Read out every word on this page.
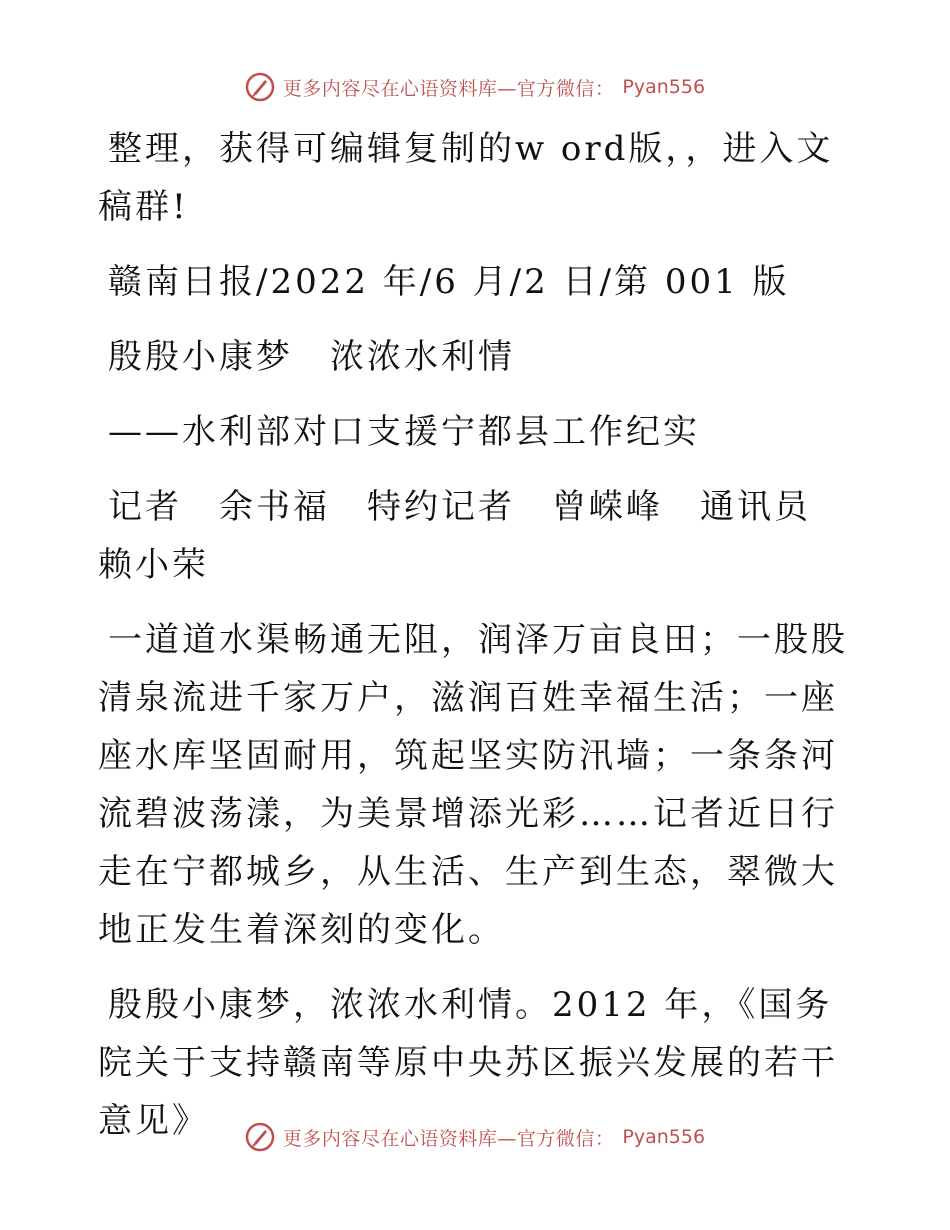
更多内容尽在心语资料库—官方微信： Pyan556

整理，获得可编辑复制的w ord版，，进入文稿群!

赣南日报/2022 年/6 月/2 日/第 001 版

殷殷小康梦　浓浓水利情

——水利部对口支援宁都县工作纪实

记者　余书福　特约记者　曾嵘峰　通讯员　赖小荣

一道道水渠畅通无阻，润泽万亩良田；一股股清泉流进千家万户，滋润百姓幸福生活；一座座水库坚固耐用，筑起坚实防汛墙；一条条河流碧波荡漾，为美景增添光彩……记者近日行走在宁都城乡，从生活、生产到生态，翠微大地正发生着深刻的变化。

殷殷小康梦，浓浓水利情。2012 年，《国务院关于支持赣南等原中央苏区振兴发展的若干意见》	更多内容尽在心语资料库—官方微信： Pyan556
